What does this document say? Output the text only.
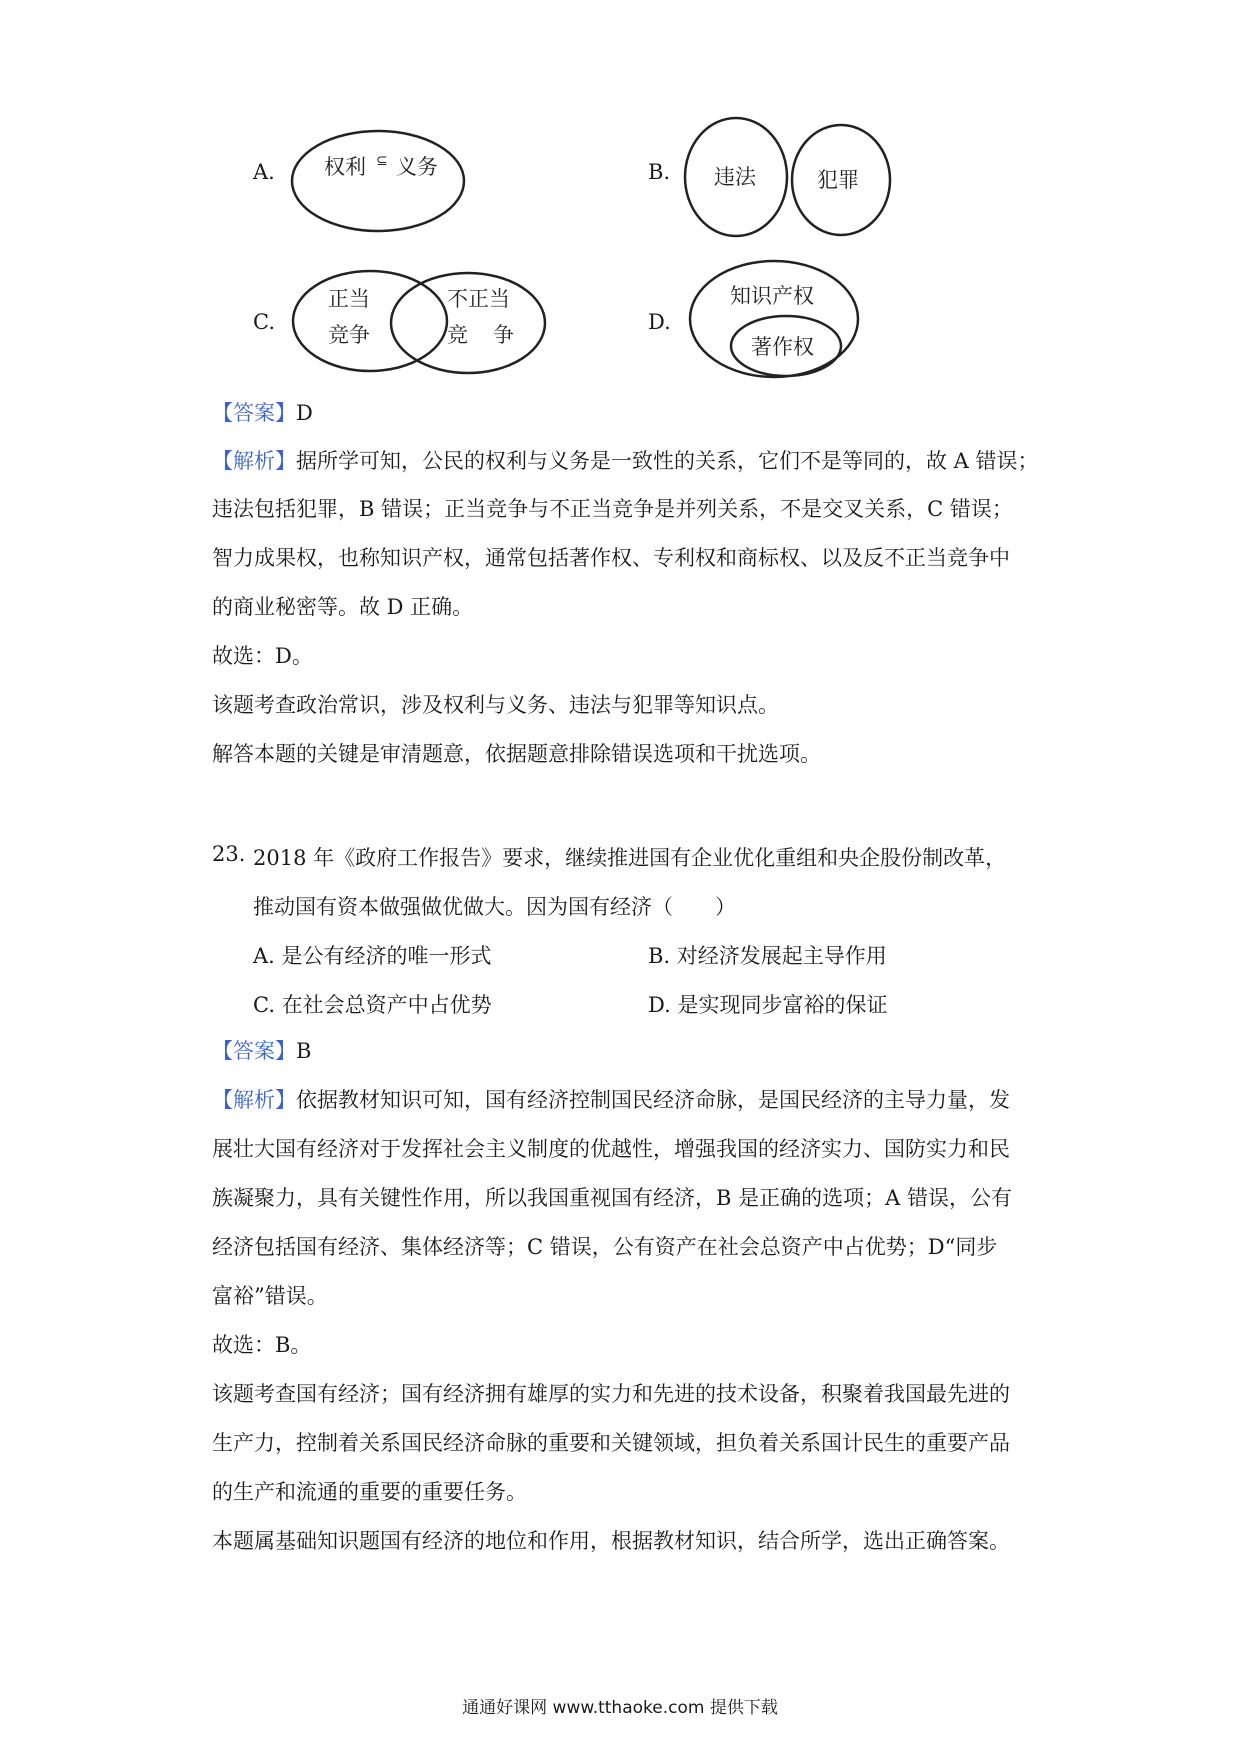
A. 权利 ⊆ 义务	B. 违法	犯罪
C.
正当
竞争
不正当
竞 争
D.
知识产权
著作权
【答案】D
【解析】据所学可知，公民的权利与义务是一致性的关系，它们不是等同的，故 A 错误；
违法包括犯罪，B 错误；正当竞争与不正当竞争是并列关系，不是交叉关系，C 错误；
智力成果权，也称知识产权，通常包括著作权、专利权和商标权、以及反不正当竞争中
的商业秘密等。故 D 正确。
故选：D。
该题考查政治常识，涉及权利与义务、违法与犯罪等知识点。
解答本题的关键是审清题意，依据题意排除错误选项和干扰选项。
23. 2018 年《政府工作报告》要求，继续推进国有企业优化重组和央企股份制改革，
推动国有资本做强做优做大。因为国有经济（　　）
A. 是公有经济的唯一形式	B. 对经济发展起主导作用
C. 在社会总资产中占优势	D. 是实现同步富裕的保证
【答案】B
【解析】依据教材知识可知，国有经济控制国民经济命脉，是国民经济的主导力量，发
展壮大国有经济对于发挥社会主义制度的优越性，增强我国的经济实力、国防实力和民
族凝聚力，具有关键性作用，所以我国重视国有经济，B 是正确的选项；A 错误，公有
经济包括国有经济、集体经济等；C 错误，公有资产在社会总资产中占优势；D“同步
富裕”错误。
故选：B。
该题考查国有经济；国有经济拥有雄厚的实力和先进的技术设备，积聚着我国最先进的
生产力，控制着关系国民经济命脉的重要和关键领域，担负着关系国计民生的重要产品
的生产和流通的重要的重要任务。
本题属基础知识题国有经济的地位和作用，根据教材知识，结合所学，选出正确答案。
通通好课网 www.tthaoke.com 提供下载
